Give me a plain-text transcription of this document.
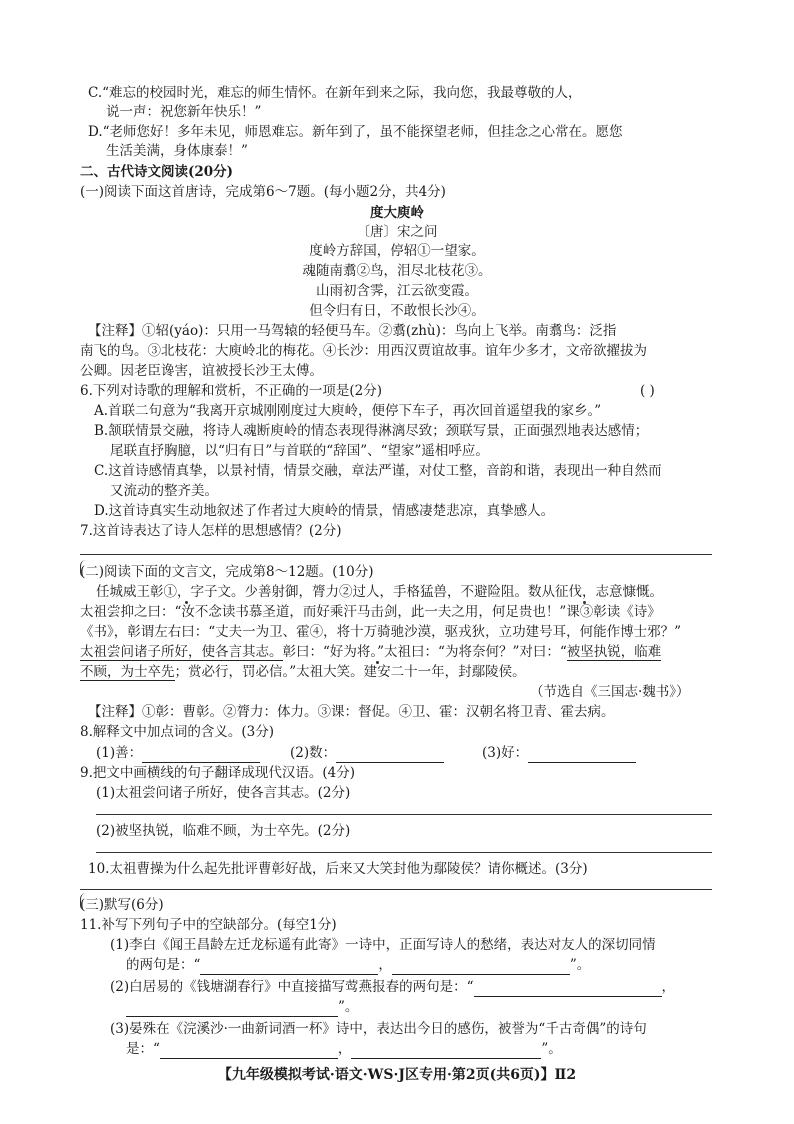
C.“难忘的校园时光，难忘的师生情怀。在新年到来之际，我向您，我最尊敬的人，
说一声：祝您新年快乐！”
D.“老师您好！多年未见，师恩难忘。新年到了，虽不能探望老师，但挂念之心常在。愿您
生活美满，身体康泰！”
二、古代诗文阅读(20分)
(一)阅读下面这首唐诗，完成第6～7题。(每小题2分，共4分)
度大庾岭
〔唐〕宋之问
度岭方辞国，停轺①一望家。
魂随南翥②鸟，泪尽北枝花③。
山雨初含霁，江云欲变霞。
但令归有日，不敢恨长沙④。
【注释】①轺(yáo)：只用一马驾辕的轻便马车。②翥(zhù)：鸟向上飞举。南翥鸟：泛指
南飞的鸟。③北枝花：大庾岭北的梅花。④长沙：用西汉贾谊故事。谊年少多才，文帝欲擢拔为
公卿。因老臣谗害，谊被授长沙王太傅。
6.下列对诗歌的理解和赏析，不正确的一项是(2分)	( )
A.首联二句意为“我离开京城刚刚度过大庾岭，便停下车子，再次回首遥望我的家乡。”
B.颔联情景交融，将诗人魂断庾岭的情态表现得淋漓尽致；颈联写景，正面强烈地表达感情；
尾联直抒胸臆，以“归有日”与首联的“辞国”、“望家”遥相呼应。
C.这首诗感情真挚，以景衬情，情景交融，章法严谨，对仗工整，音韵和谐，表现出一种自然而
又流动的整齐美。
D.这首诗真实生动地叙述了作者过大庾岭的情景，情感凄楚悲凉，真挚感人。
7.这首诗表达了诗人怎样的思想感情？(2分)
(二)阅读下面的文言文，完成第8～12题。(10分)
任城威王彰①，字子文。少善射御，膂力②过人，手格猛兽，不避险阻。数从征伐，志意慷慨。
太祖尝抑之曰：“汝不念读书慕圣道，而好乘汗马击剑，此一夫之用，何足贵也！”课③彰读《诗》
《书》，彰谓左右曰：“丈夫一为卫、霍④，将十万骑驰沙漠，驱戎狄，立功建号耳，何能作博士邪？”
太祖尝问诸子所好，使各言其志。彰曰：“好为将。”太祖曰：“为将奈何？”对曰：“被坚执锐，临难
不顾，为士卒先；赏必行，罚必信。”太祖大笑。建安二十一年，封鄢陵侯。
（节选自《三国志·魏书》）
【注释】①彰：曹彰。②膂力：体力。③课：督促。④卫、霍：汉朝名将卫青、霍去病。
8.解释文中加点词的含义。(3分)
(1)善：	(2)数：	(3)好：
9.把文中画横线的句子翻译成现代汉语。(4分)
(1)太祖尝问诸子所好，使各言其志。(2分)
(2)被坚执锐，临难不顾，为士卒先。(2分)
10.太祖曹操为什么起先批评曹彰好战，后来又大笑封他为鄢陵侯？请你概述。(3分)
(三)默写(6分)
11.补写下列句子中的空缺部分。(每空1分)
(1)李白《闻王昌龄左迁龙标遥有此寄》一诗中，正面写诗人的愁绪，表达对友人的深切同情
的两句是：“	，	”。
(2)白居易的《钱塘湖春行》中直接描写莺燕报春的两句是：“	，
”。
(3)晏殊在《浣溪沙·一曲新词酒一杯》诗中，表达出今日的感伤，被誉为“千古奇偶”的诗句
是：“	，	”。
【九年级模拟考试·语文·WS·J区专用·第2页(共6页)】Ⅱ2
